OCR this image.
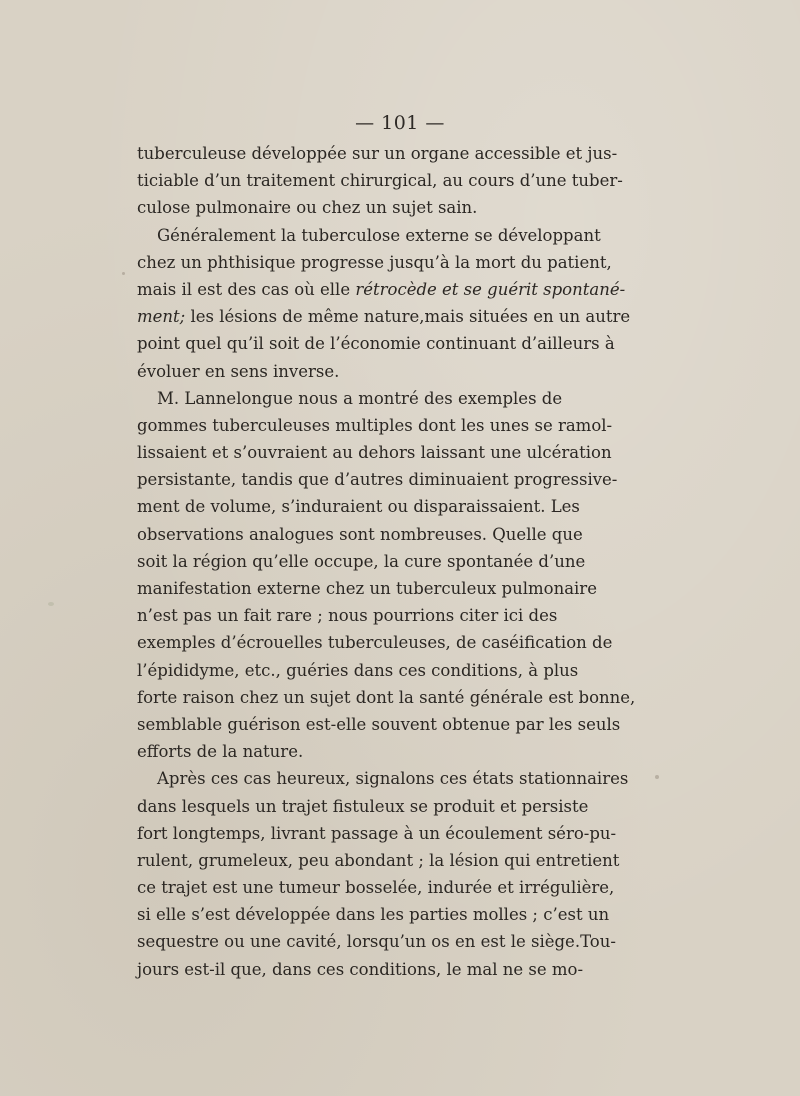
— 101 —
tuberculeuse développée sur un organe accessible et jus-
ticiable d’un traitement chirurgical, au cours d’une tuber-
culose pulmonaire ou chez un sujet sain.
Généralement la tuberculose externe se développant
chez un phthisique progresse jusqu’à la mort du patient,
mais il est des cas où elle rétrocède et se guérit spontané-
ment; les lésions de même nature,mais situées en un autre
point quel qu’il soit de l’économie continuant d’ailleurs à
évoluer en sens inverse.
M. Lannelongue nous a montré des exemples de
gommes tuberculeuses multiples dont les unes se ramol-
lissaient et s’ouvraient au dehors laissant une ulcération
persistante, tandis que d’autres diminuaient progressive-
ment de volume, s’induraient ou disparaissaient. Les
observations analogues sont nombreuses. Quelle que
soit la région qu’elle occupe, la cure spontanée d’une
manifestation externe chez un tuberculeux pulmonaire
n’est pas un fait rare ; nous pourrions citer ici des
exemples d’écrouelles tuberculeuses, de caséification de
l’épididyme, etc., guéries dans ces conditions, à plus
forte raison chez un sujet dont la santé générale est bonne,
semblable guérison est-elle souvent obtenue par les seuls
efforts de la nature.
Après ces cas heureux, signalons ces états stationnaires
dans lesquels un trajet fistuleux se produit et persiste
fort longtemps, livrant passage à un écoulement séro-pu-
rulent, grumeleux, peu abondant ; la lésion qui entretient
ce trajet est une tumeur bosselée, indurée et irrégulière,
si elle s’est développée dans les parties molles ; c’est un
sequestre ou une cavité, lorsqu’un os en est le siège.Tou-
jours est-il que, dans ces conditions, le mal ne se mo-
